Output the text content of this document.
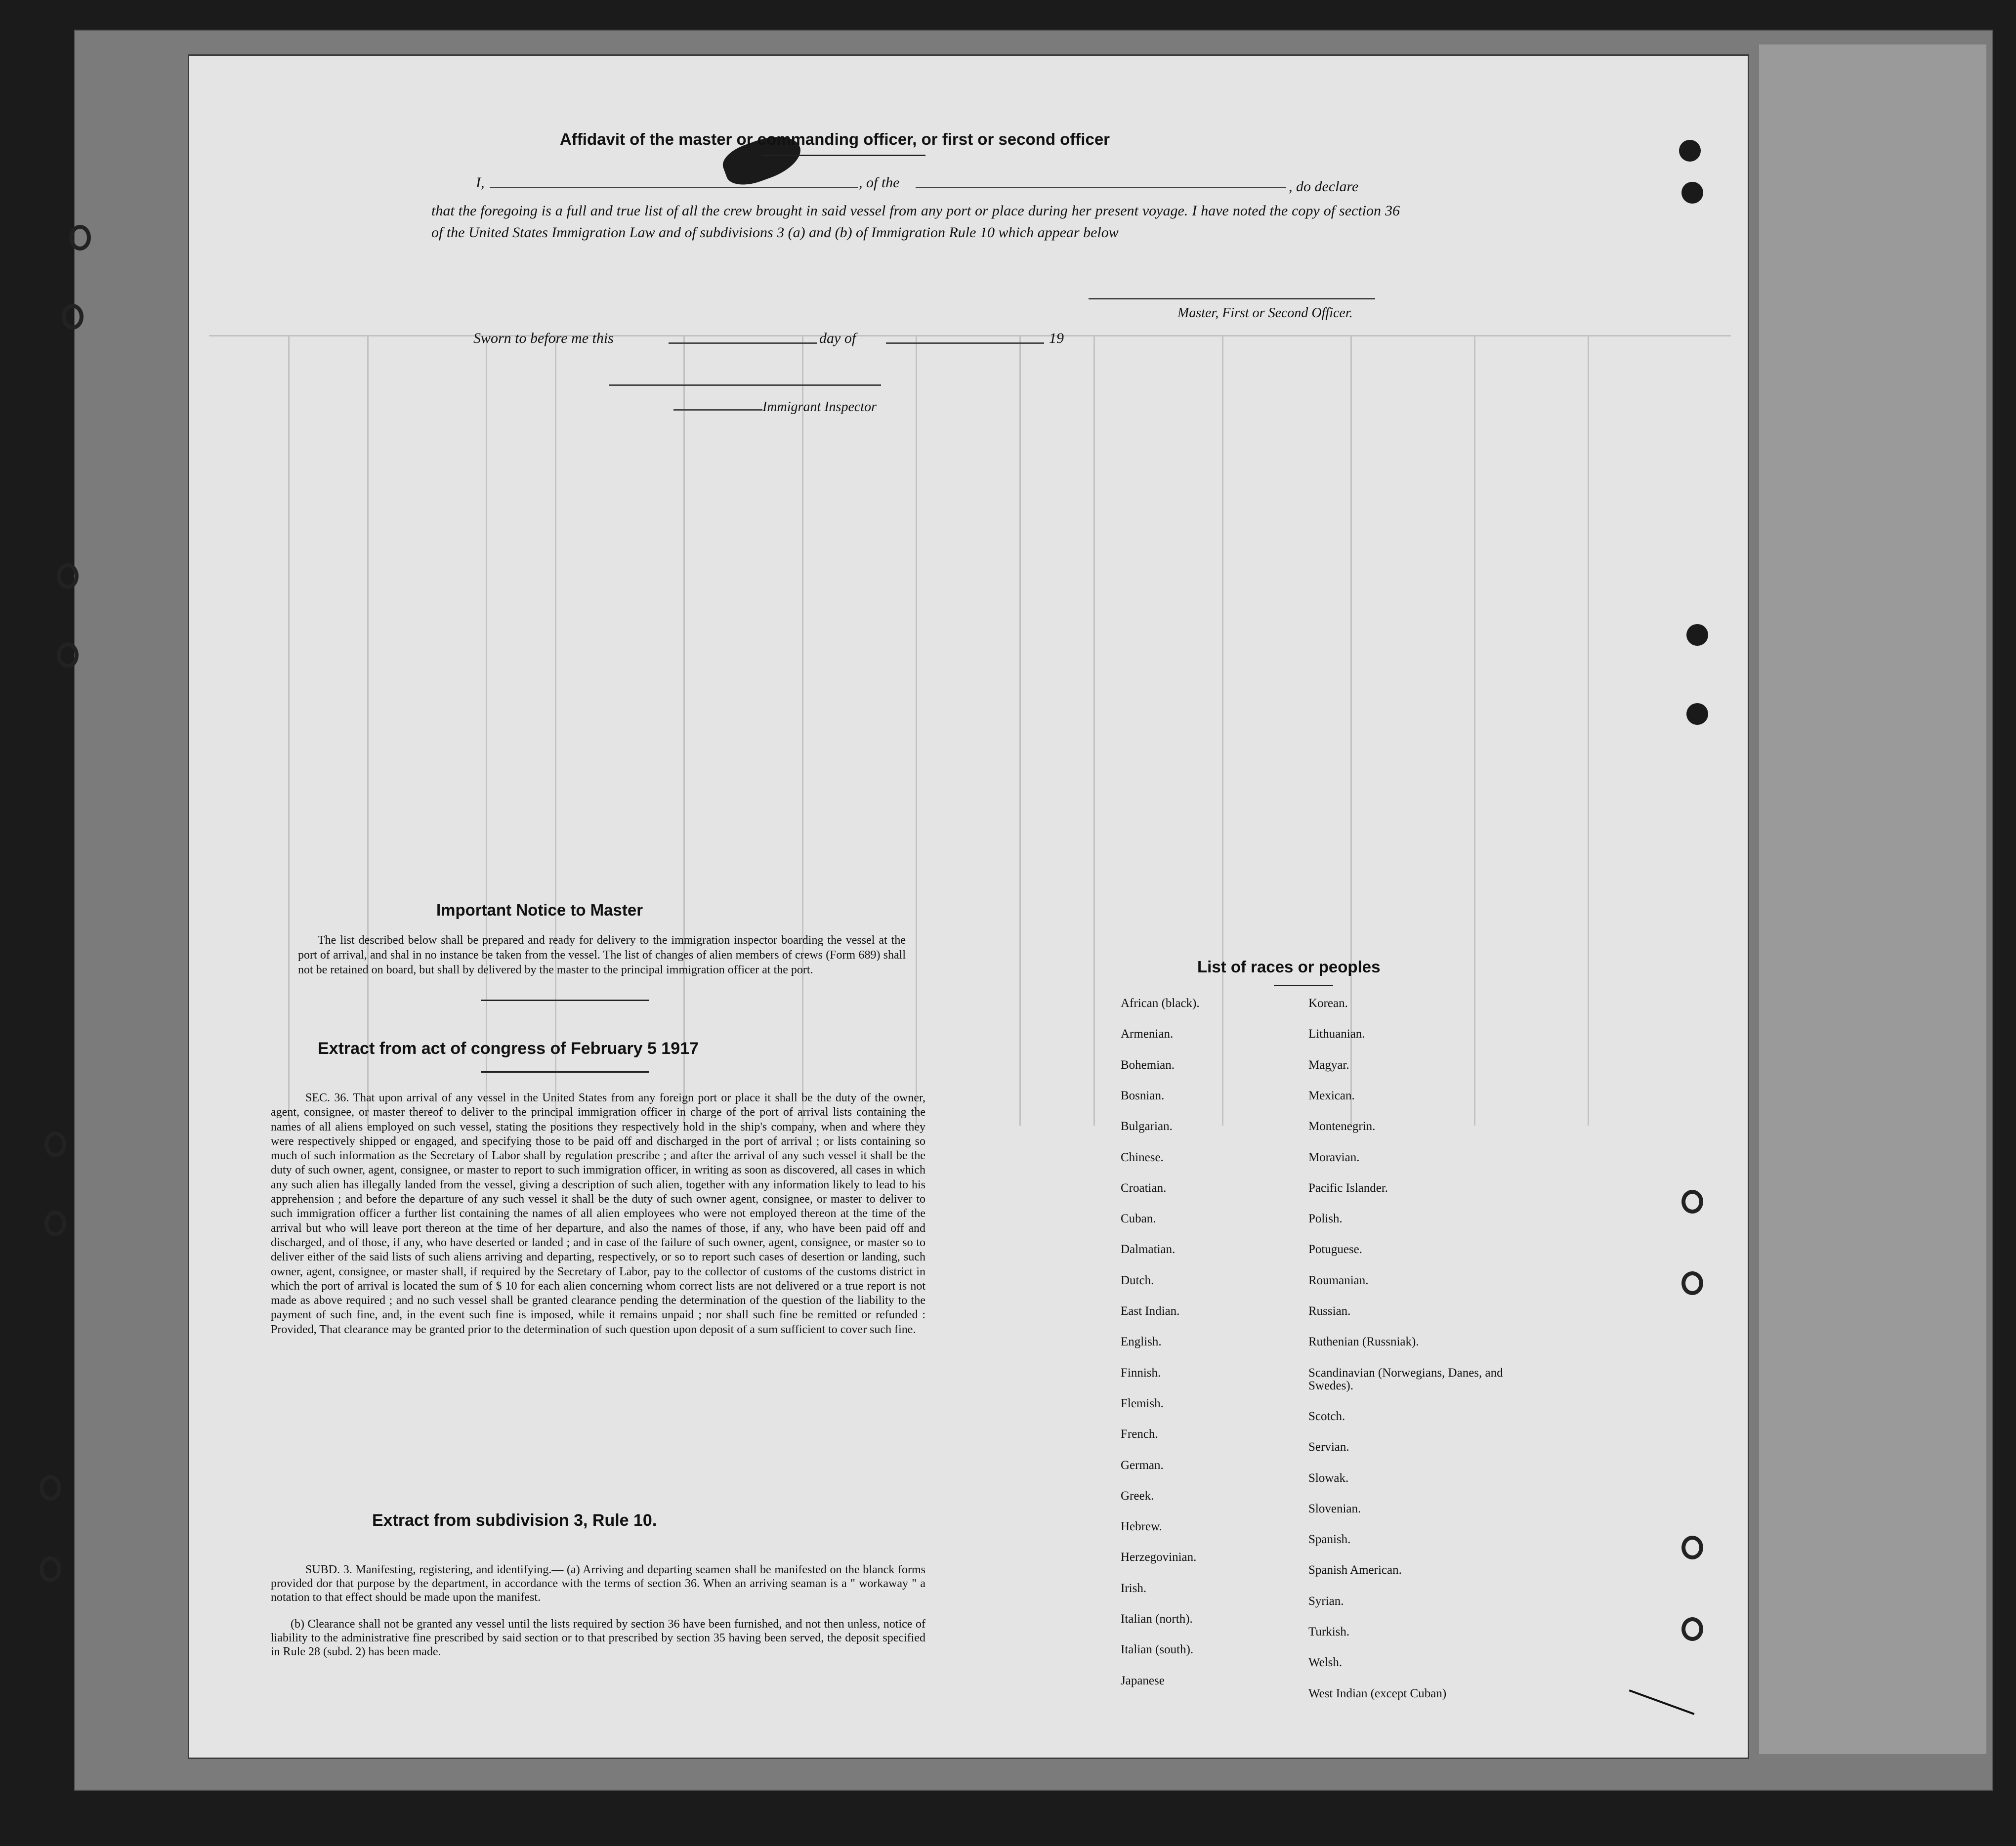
Affidavit of the master or commanding officer, or first or second officer
I,	, of the	, do declare

that the foregoing is a full and true list of all the crew brought in said vessel from any port or place during her present voyage. I have noted the copy of section 36 of the United States Immigration Law and of subdivisions 3 (a) and (b) of Immigration Rule 10 which appear below

Master, First or Second Officer.
Sworn to before me this	day of	19
Immigrant Inspector
Important Notice to Master

The list described below shall be prepared and ready for delivery to the immigration inspector boarding the vessel at the port of arrival, and shal in no instance be taken from the vessel. The list of changes of alien members of crews (Form 689) shall not be retained on board, but shall by delivered by the master to the principal immigration officer at the port.

Extract from act of congress of February 5 1917

SEC. 36. That upon arrival of any vessel in the United States from any foreign port or place it shall be the duty of the owner, agent, consignee, or master thereof to deliver to the principal immigration officer in charge of the port of arrival lists containing the names of all aliens employed on such vessel, stating the positions they respectively hold in the ship's company, when and where they were respectively shipped or engaged, and specifying those to be paid off and discharged in the port of arrival ; or lists containing so much of such information as the Secretary of Labor shall by regulation prescribe ; and after the arrival of any such vessel it shall be the duty of such owner, agent, consignee, or master to report to such immigration officer, in writing as soon as discovered, all cases in which any such alien has illegally landed from the vessel, giving a description of such alien, together with any information likely to lead to his apprehension ; and before the departure of any such vessel it shall be the duty of such owner agent, consignee, or master to deliver to such immigration officer a further list containing the names of all alien employees who were not employed thereon at the time of the arrival but who will leave port thereon at the time of her departure, and also the names of those, if any, who have been paid off and discharged, and of those, if any, who have deserted or landed ; and in case of the failure of such owner, agent, consignee, or master so to deliver either of the said lists of such aliens arriving and departing, respectively, or so to report such cases of desertion or landing, such owner, agent, consignee, or master shall, if required by the Secretary of Labor, pay to the collector of customs of the customs district in which the port of arrival is located the sum of $ 10 for each alien concerning whom correct lists are not delivered or a true report is not made as above required ; and no such vessel shall be granted clearance pending the determination of the question of the liability to the payment of such fine, and, in the event such fine is imposed, while it remains unpaid ; nor shall such fine be remitted or refunded : Provided, That clearance may be granted prior to the determination of such question upon deposit of a sum sufficient to cover such fine.

Extract from subdivision 3, Rule 10.

SUBD. 3. Manifesting, registering, and identifying.— (a) Arriving and departing seamen shall be manifested on the blanck forms provided dor that purpose by the department, in accordance with the terms of section 36. When an arriving seaman is a " workaway " a notation to that effect should be made upon the manifest.

(b) Clearance shall not be granted any vessel until the lists required by section 36 have been furnished, and not then unless, notice of liability to the administrative fine prescribed by said section or to that prescribed by section 35 having been served, the deposit specified in Rule 28 (subd. 2) has been made.

List of races or peoples
African (black).
Armenian.
Bohemian.
Bosnian.
Bulgarian.
Chinese.
Croatian.
Cuban.
Dalmatian.
Dutch.
East Indian.
English.
Finnish.
Flemish.
French.
German.
Greek.
Hebrew.
Herzegovinian.
Irish.
Italian (north).
Italian (south).
Japanese
Korean.
Lithuanian.
Magyar.
Mexican.
Montenegrin.
Moravian.
Pacific Islander.
Polish.
Potuguese.
Roumanian.
Russian.
Ruthenian (Russniak).
Scandinavian (Norwegians, Danes, and Swedes).
Scotch.
Servian.
Slowak.
Slovenian.
Spanish.
Spanish American.
Syrian.
Turkish.
Welsh.
West Indian (except Cuban)
